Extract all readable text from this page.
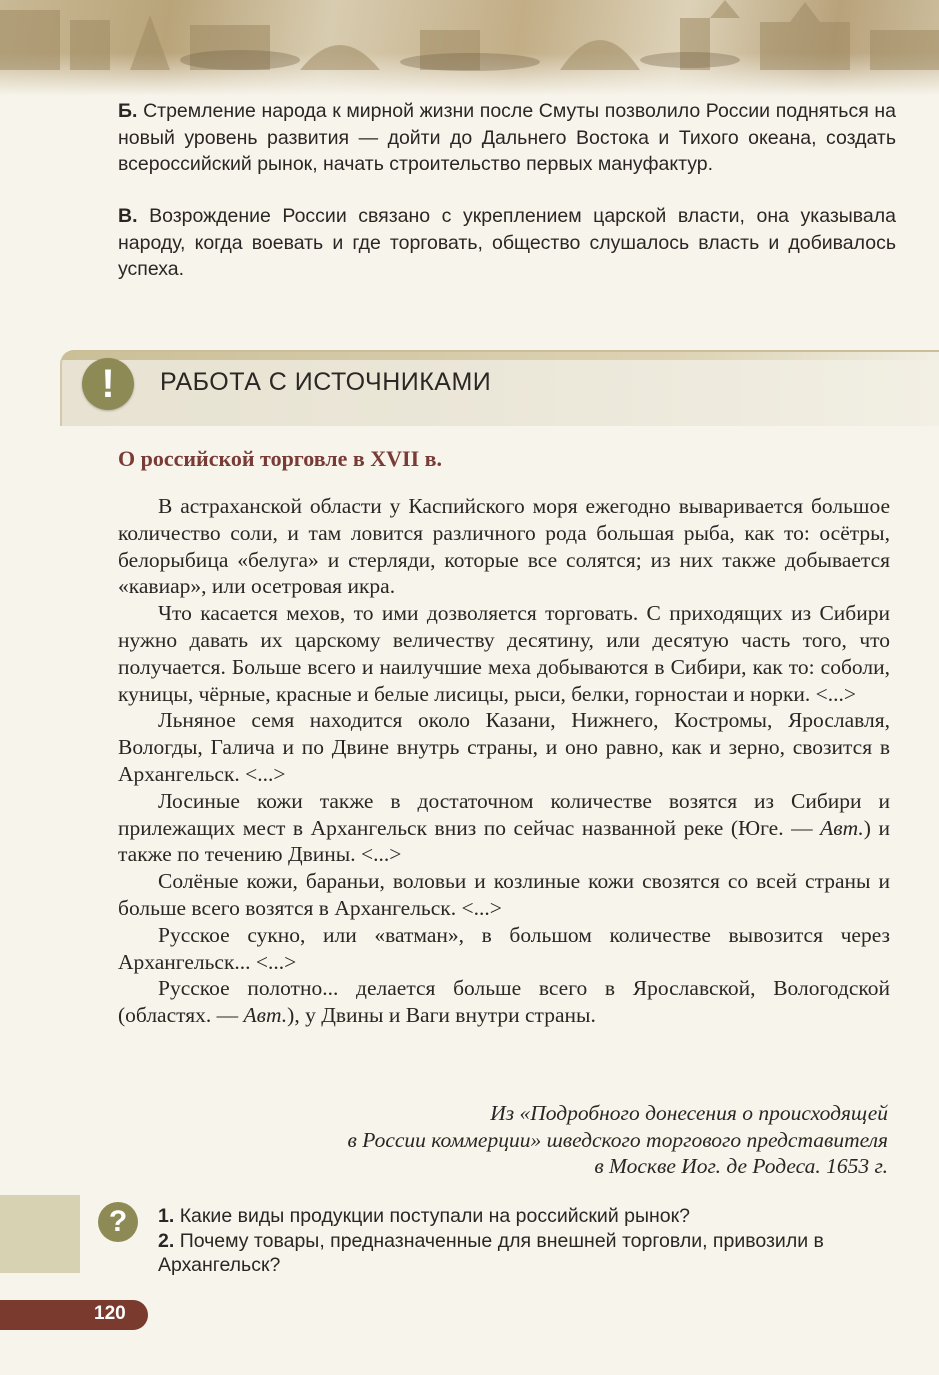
Б. Стремление народа к мирной жизни после Смуты позволило России подняться на новый уровень развития — дойти до Дальнего Востока и Тихого океана, создать всероссийский рынок, начать строительство первых мануфактур.
В. Возрождение России связано с укреплением царской власти, она указывала народу, когда воевать и где торговать, общество слушалось власть и добивалось успеха.
!	РАБОТА С ИСТОЧНИКАМИ
О российской торговле в XVII в.

В астраханской области у Каспийского моря ежегодно вываривается большое количество соли, и там ловится различного рода большая рыба, как то: осётры, белорыбица «белуга» и стерляди, которые все солятся; из них также добывается «кавиар», или осетровая икра.

Что касается мехов, то ими дозволяется торговать. С приходящих из Сибири нужно давать их царскому величеству десятину, или десятую часть того, что получается. Больше всего и наилучшие меха добываются в Сибири, как то: соболи, куницы, чёрные, красные и белые лисицы, рыси, белки, горностаи и норки. <...>

Льняное семя находится около Казани, Нижнего, Костромы, Ярославля, Вологды, Галича и по Двине внутрь страны, и оно равно, как и зерно, свозится в Архангельск. <...>

Лосиные кожи также в достаточном количестве возятся из Сибири и прилежащих мест в Архангельск вниз по сейчас названной реке (Юге. — Авт.) и также по течению Двины. <...>

Солёные кожи, бараньи, воловьи и козлиные кожи свозятся со всей страны и больше всего возятся в Архангельск. <...>

Русское сукно, или «ватман», в большом количестве вывозится через Архангельск... <...>

Русское полотно... делается больше всего в Ярославской, Вологодской (областях. — Авт.), у Двины и Ваги внутри страны.

Из «Подробного донесения о происходящей
в России коммерции» шведского торгового представителя
в Москве Иог. де Родеса. 1653 г.
?	1. Какие виды продукции поступали на российский рынок?
2. Почему товары, предназначенные для внешней торговли, привозили в Архангельск?
120
